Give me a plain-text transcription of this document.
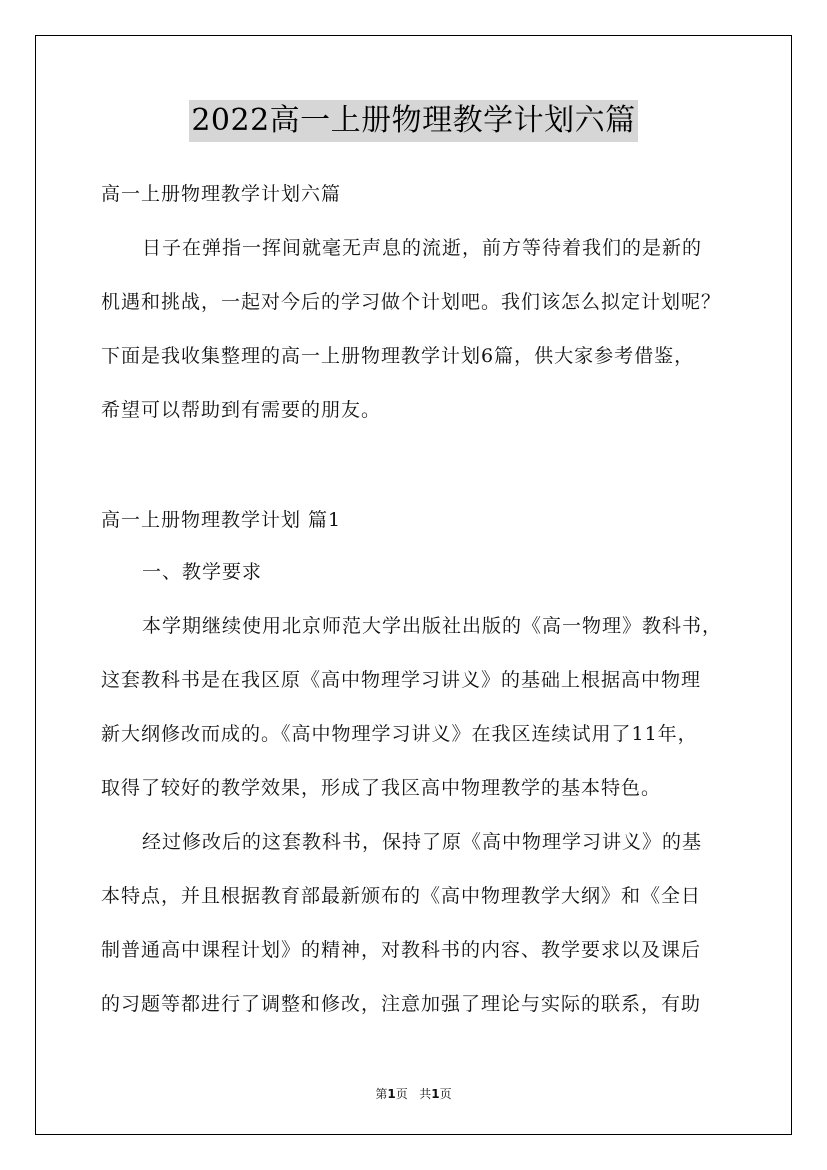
2022高一上册物理教学计划六篇
高一上册物理教学计划六篇
日子在弹指一挥间就毫无声息的流逝，前方等待着我们的是新的
机遇和挑战，一起对今后的学习做个计划吧。我们该怎么拟定计划呢？
下面是我收集整理的高一上册物理教学计划6篇，供大家参考借鉴，
希望可以帮助到有需要的朋友。
高一上册物理教学计划 篇1
一、教学要求
本学期继续使用北京师范大学出版社出版的《高一物理》教科书，
这套教科书是在我区原《高中物理学习讲义》的基础上根据高中物理
新大纲修改而成的。《高中物理学习讲义》在我区连续试用了11年，
取得了较好的教学效果，形成了我区高中物理教学的基本特色。
经过修改后的这套教科书，保持了原《高中物理学习讲义》的基
本特点，并且根据教育部最新颁布的《高中物理教学大纲》和《全日
制普通高中课程计划》的精神，对教科书的内容、教学要求以及课后
的习题等都进行了调整和修改，注意加强了理论与实际的联系，有助
第1页 共1页
